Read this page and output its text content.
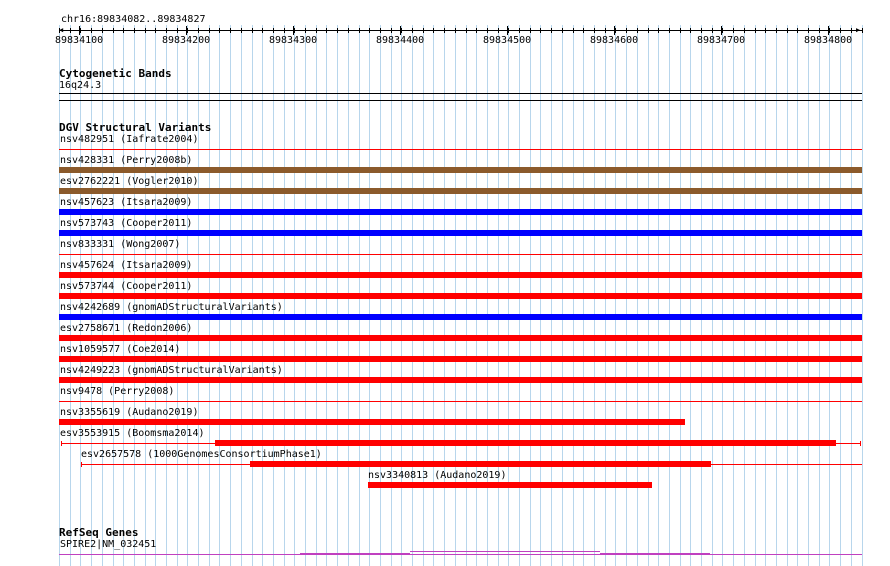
chr16:89834082..89834827
89834100	89834200	89834300	89834400	89834500	89834600	89834700	89834800
◀	▶
Cytogenetic Bands
16q24.3
DGV Structural Variants
nsv482951 (Iafrate2004)
nsv428331 (Perry2008b)
esv2762221 (Vogler2010)
nsv457623 (Itsara2009)
nsv573743 (Cooper2011)
nsv833331 (Wong2007)
nsv457624 (Itsara2009)
nsv573744 (Cooper2011)
nsv4242689 (gnomADStructuralVariants)
esv2758671 (Redon2006)
nsv1059577 (Coe2014)
nsv4249223 (gnomADStructuralVariants)
nsv9478 (Perry2008)
nsv3355619 (Audano2019)
esv3553915 (Boomsma2014)
esv2657578 (1000GenomesConsortiumPhase1)
nsv3340813 (Audano2019)
RefSeq Genes
SPIRE2|NM_032451
